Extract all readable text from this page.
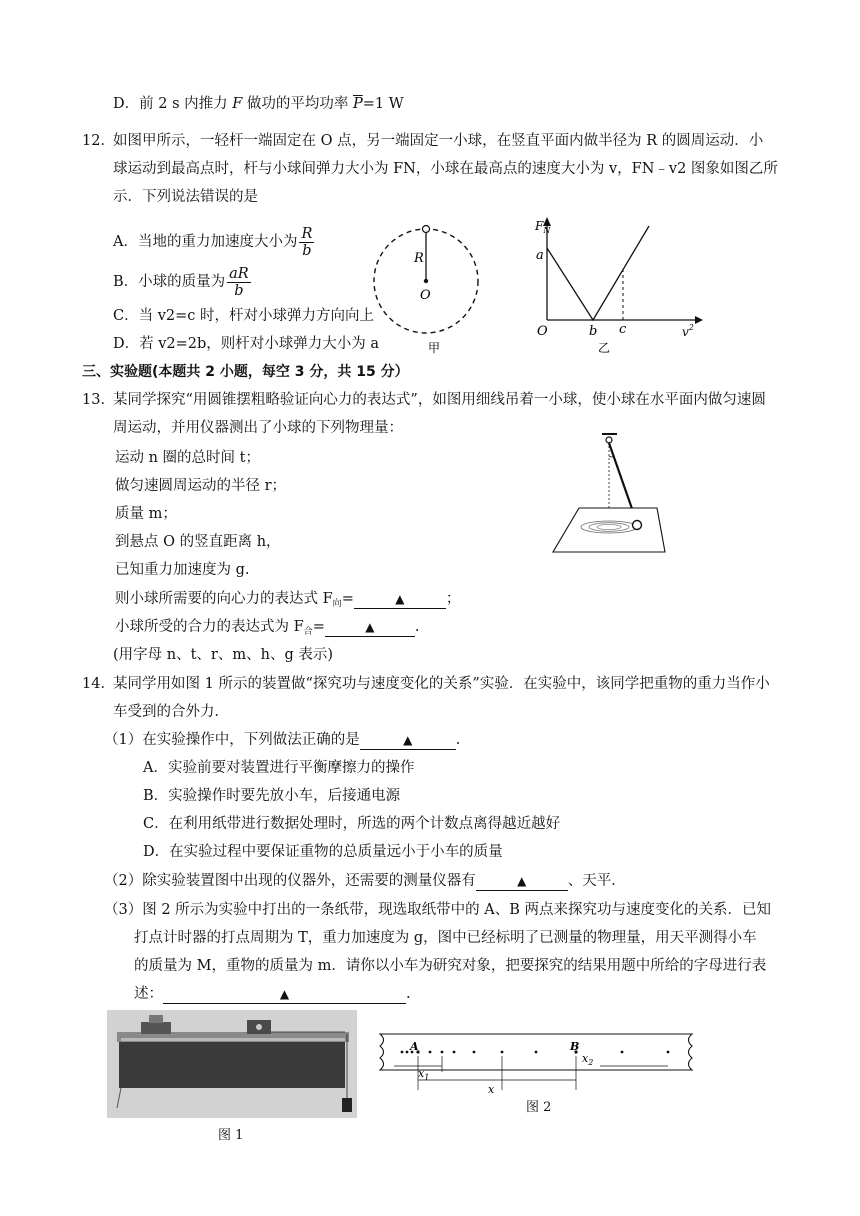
D．前 2 s 内推力 F 做功的平均功率 $\overline{P}=1$ W
12．
如图甲所示，一轻杆一端固定在 O 点，另一端固定一小球，在竖直平面内做半径为 R 的圆周运动．小
球运动到最高点时，杆与小球间弹力大小为 FN，小球在最高点的速度大小为 v，FN﹣v2 图象如图乙所
示．下列说法错误的是
A．当地的重力加速度大小为 $\frac{R}{b}$
B．小球的质量为 $\frac{aR}{b}$
C．当 v2=c 时，杆对小球弹力方向向上
D．若 v2=2b，则杆对小球弹力大小为 a
R
O
甲
$F_N$
a
O	b c	$v^2$
乙
三、实验题(本题共 2 小题，每空 3 分，共 15 分）
13．
某同学探究“用圆锥摆粗略验证向心力的表达式”，如图用细线吊着一小球，使小球在水平面内做匀速圆
周运动，并用仪器测出了小球的下列物理量：
运动 n 圈的总时间 t；
做匀速圆周运动的半径 r；
质量 m；
到悬点 O 的竖直距离 h，
已知重力加速度为 g.
则小球所需要的向心力的表达式 $F_向=$	▲	；
小球所受的合力的表达式为 $F_合=$	▲	.
(用字母 n、t、r、m、h、g 表示)
14．
某同学用如图 1 所示的装置做“探究功与速度变化的关系”实验．在实验中，该同学把重物的重力当作小
车受到的合外力．
（1）在实验操作中，下列做法正确的是	▲	.
A．实验前要对装置进行平衡摩擦力的操作
B．实验操作时要先放小车，后接通电源
C．在利用纸带进行数据处理时，所选的两个计数点离得越近越好
D．在实验过程中要保证重物的总质量远小于小车的质量
（2）除实验装置图中出现的仪器外，还需要的测量仪器有	▲	、天平．
（3）图 2 所示为实验中打出的一条纸带，现选取纸带中的 A、B 两点来探究功与速度变化的关系．已知
打点计时器的打点周期为 T，重力加速度为 g，图中已经标明了已测量的物理量，用天平测得小车
的质量为 M，重物的质量为 m．请你以小车为研究对象，把要探究的结果用题中所给的字母进行表
述：	▲	.
图 1
A	B
$x_1$
$x_2$
x
图 2
